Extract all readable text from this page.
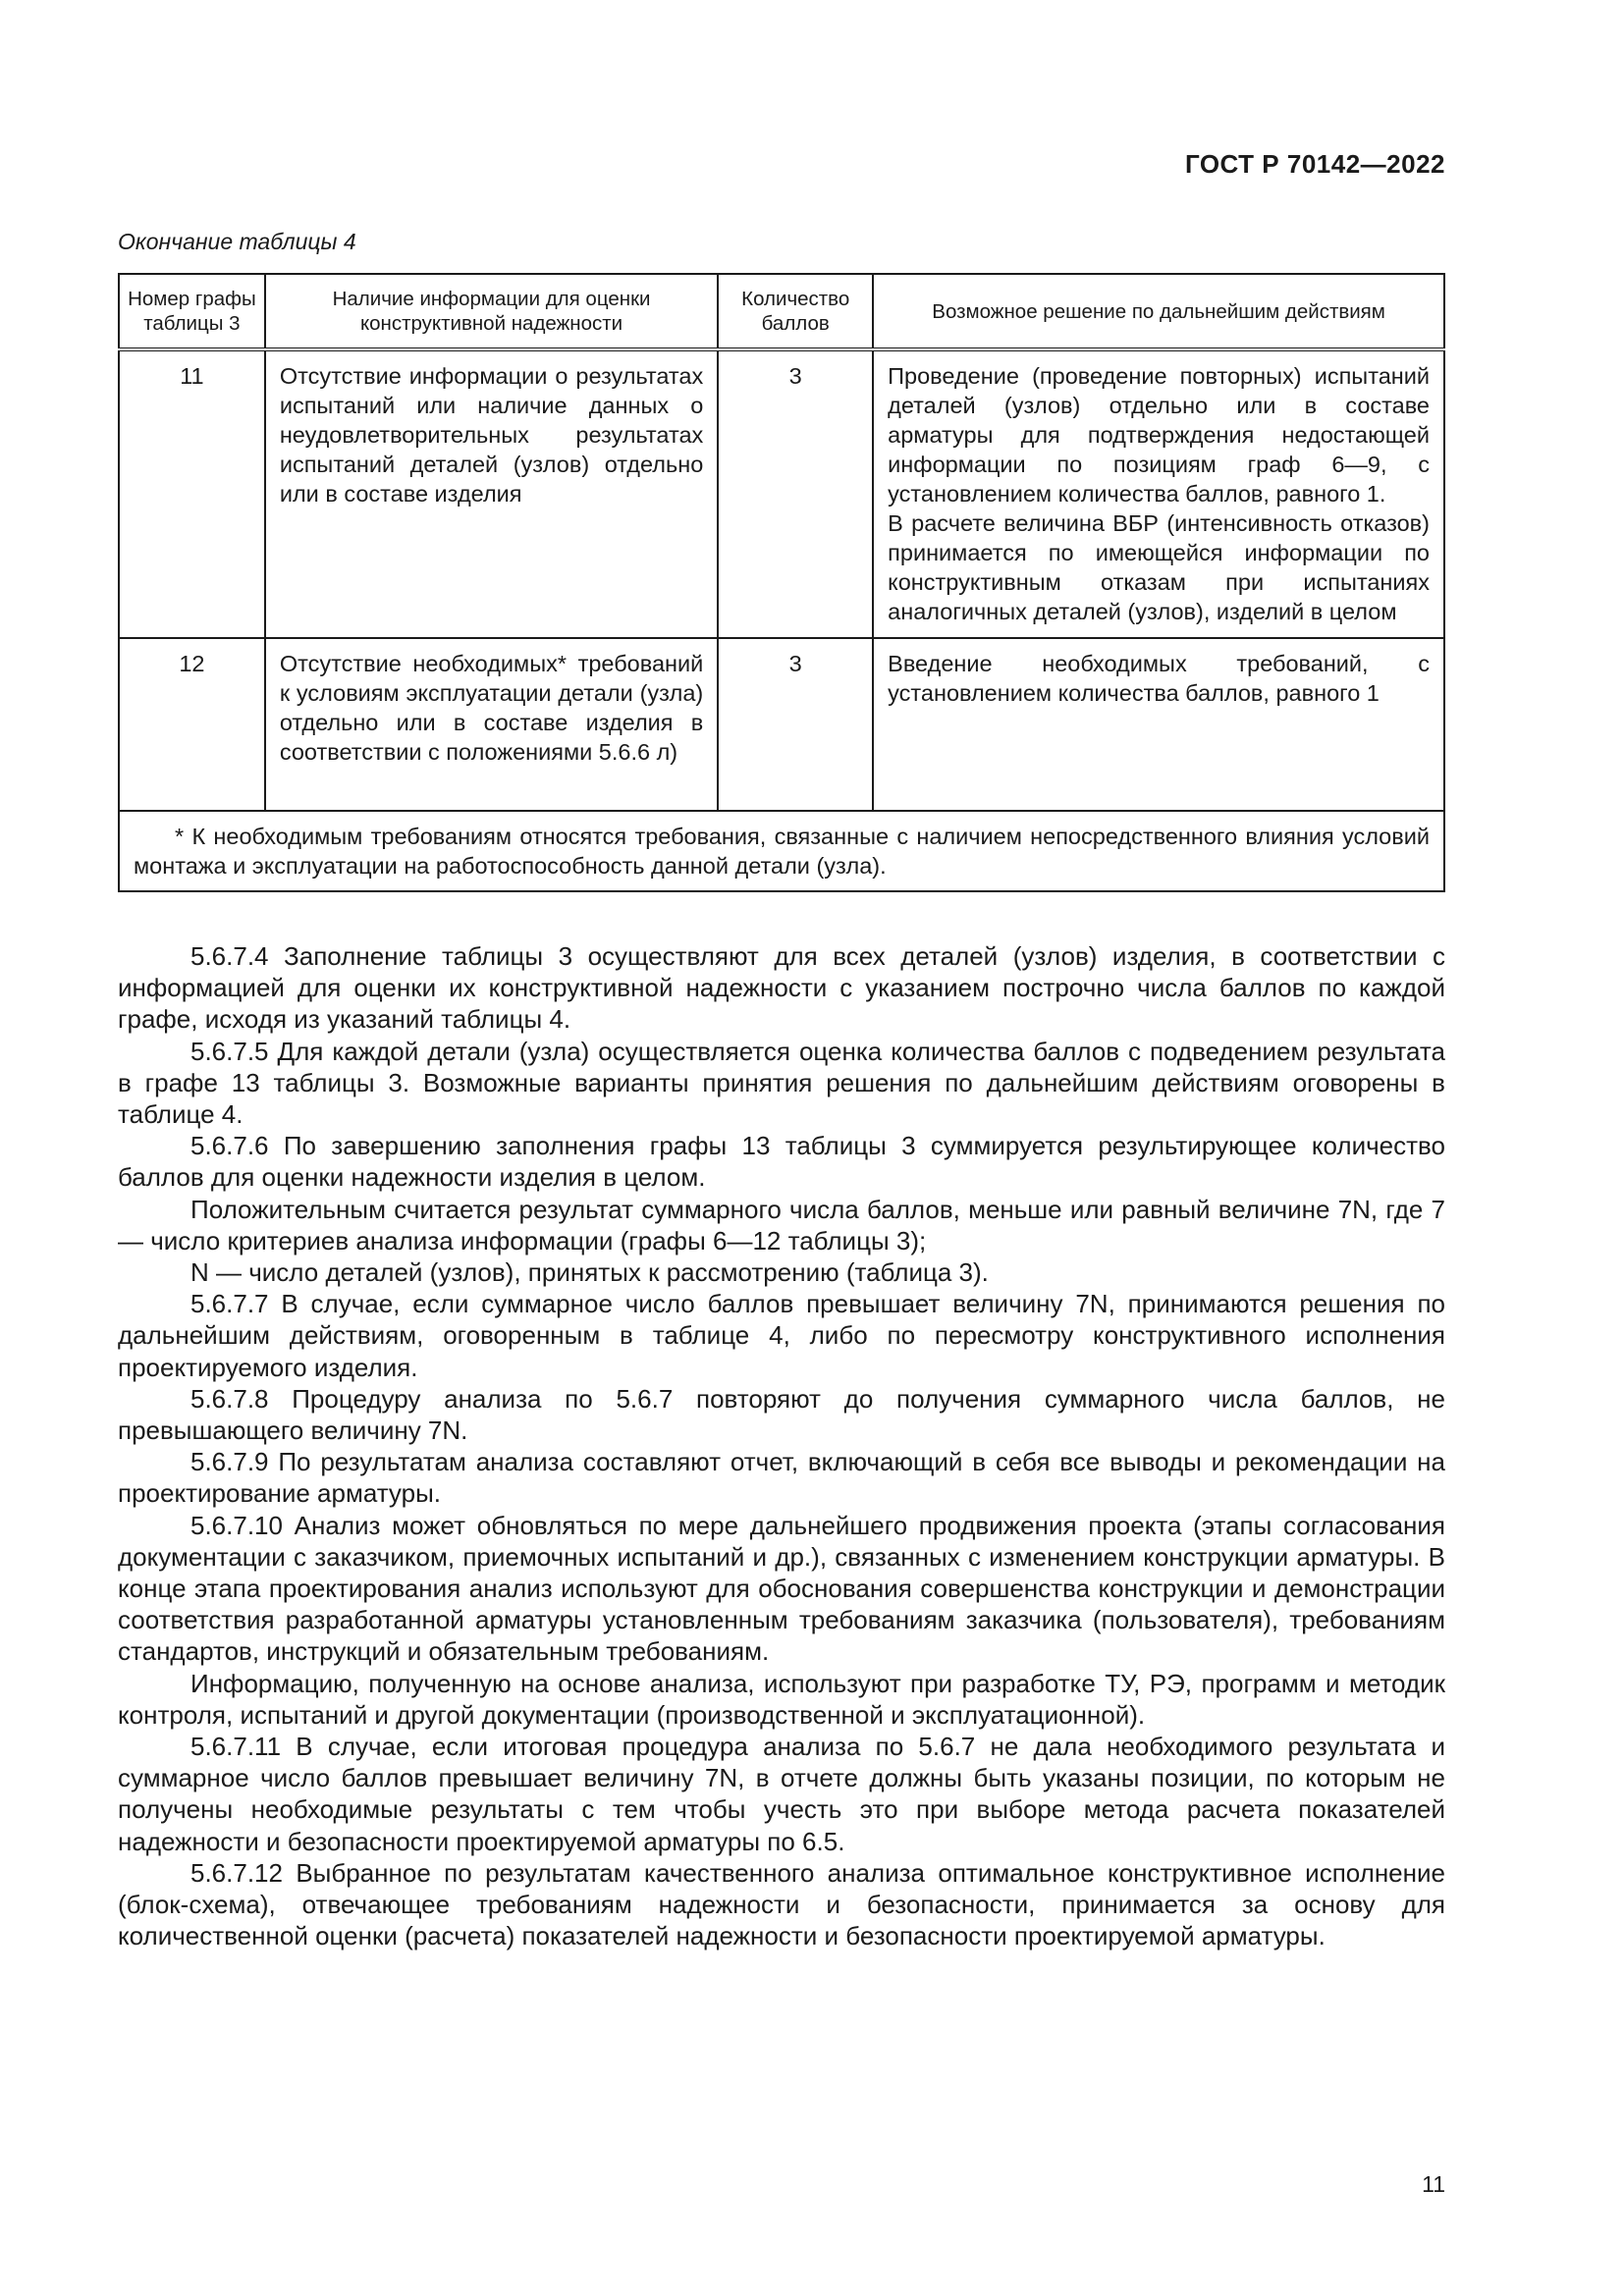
ГОСТ Р 70142—2022
Окончание таблицы 4
Номер графы таблицы 3	Наличие информации для оценки конструктивной надежности	Количество баллов	Возможное решение по дальнейшим действиям
11	Отсутствие информации о результатах испытаний или наличие данных о неудовлетворительных результатах испытаний деталей (узлов) отдельно или в составе изделия	3	Проведение (проведение повторных) испытаний деталей (узлов) отдельно или в составе арматуры для подтверждения недостающей информации по позициям граф 6—9, с установлением количества баллов, равного 1.
В расчете величина ВБР (интенсивность отказов) принимается по имеющейся информации по конструктивным отказам при испытаниях аналогичных деталей (узлов), изделий в целом

12	Отсутствие необходимых* требований к условиям эксплуатации детали (узла) отдельно или в составе изделия в соответствии с положениями 5.6.6 л)	3	Введение необходимых требований, с установлением количества баллов, равного 1

* К необходимым требованиям относятся требования, связанные с наличием непосредственного влияния условий монтажа и эксплуатации на работоспособность данной детали (узла).			

5.6.7.4 Заполнение таблицы 3 осуществляют для всех деталей (узлов) изделия, в соответствии с информацией для оценки их конструктивной надежности с указанием построчно числа баллов по каждой графе, исходя из указаний таблицы 4.

5.6.7.5 Для каждой детали (узла) осуществляется оценка количества баллов с подведением результата в графе 13 таблицы 3. Возможные варианты принятия решения по дальнейшим действиям оговорены в таблице 4.

5.6.7.6 По завершению заполнения графы 13 таблицы 3 суммируется результирующее количество баллов для оценки надежности изделия в целом.

Положительным считается результат суммарного числа баллов, меньше или равный величине 7N, где 7 — число критериев анализа информации (графы 6—12 таблицы 3);

N — число деталей (узлов), принятых к рассмотрению (таблица 3).

5.6.7.7 В случае, если суммарное число баллов превышает величину 7N, принимаются решения по дальнейшим действиям, оговоренным в таблице 4, либо по пересмотру конструктивного исполнения проектируемого изделия.

5.6.7.8 Процедуру анализа по 5.6.7 повторяют до получения суммарного числа баллов, не превышающего величину 7N.

5.6.7.9 По результатам анализа составляют отчет, включающий в себя все выводы и рекомендации на проектирование арматуры.

5.6.7.10 Анализ может обновляться по мере дальнейшего продвижения проекта (этапы согласования документации с заказчиком, приемочных испытаний и др.), связанных с изменением конструкции арматуры. В конце этапа проектирования анализ используют для обоснования совершенства конструкции и демонстрации соответствия разработанной арматуры установленным требованиям заказчика (пользователя), требованиям стандартов, инструкций и обязательным требованиям.

Информацию, полученную на основе анализа, используют при разработке ТУ, РЭ, программ и методик контроля, испытаний и другой документации (производственной и эксплуатационной).

5.6.7.11 В случае, если итоговая процедура анализа по 5.6.7 не дала необходимого результата и суммарное число баллов превышает величину 7N, в отчете должны быть указаны позиции, по которым не получены необходимые результаты с тем чтобы учесть это при выборе метода расчета показателей надежности и безопасности проектируемой арматуры по 6.5.

5.6.7.12 Выбранное по результатам качественного анализа оптимальное конструктивное исполнение (блок-схема), отвечающее требованиям надежности и безопасности, принимается за основу для количественной оценки (расчета) показателей надежности и безопасности проектируемой арматуры.

11
